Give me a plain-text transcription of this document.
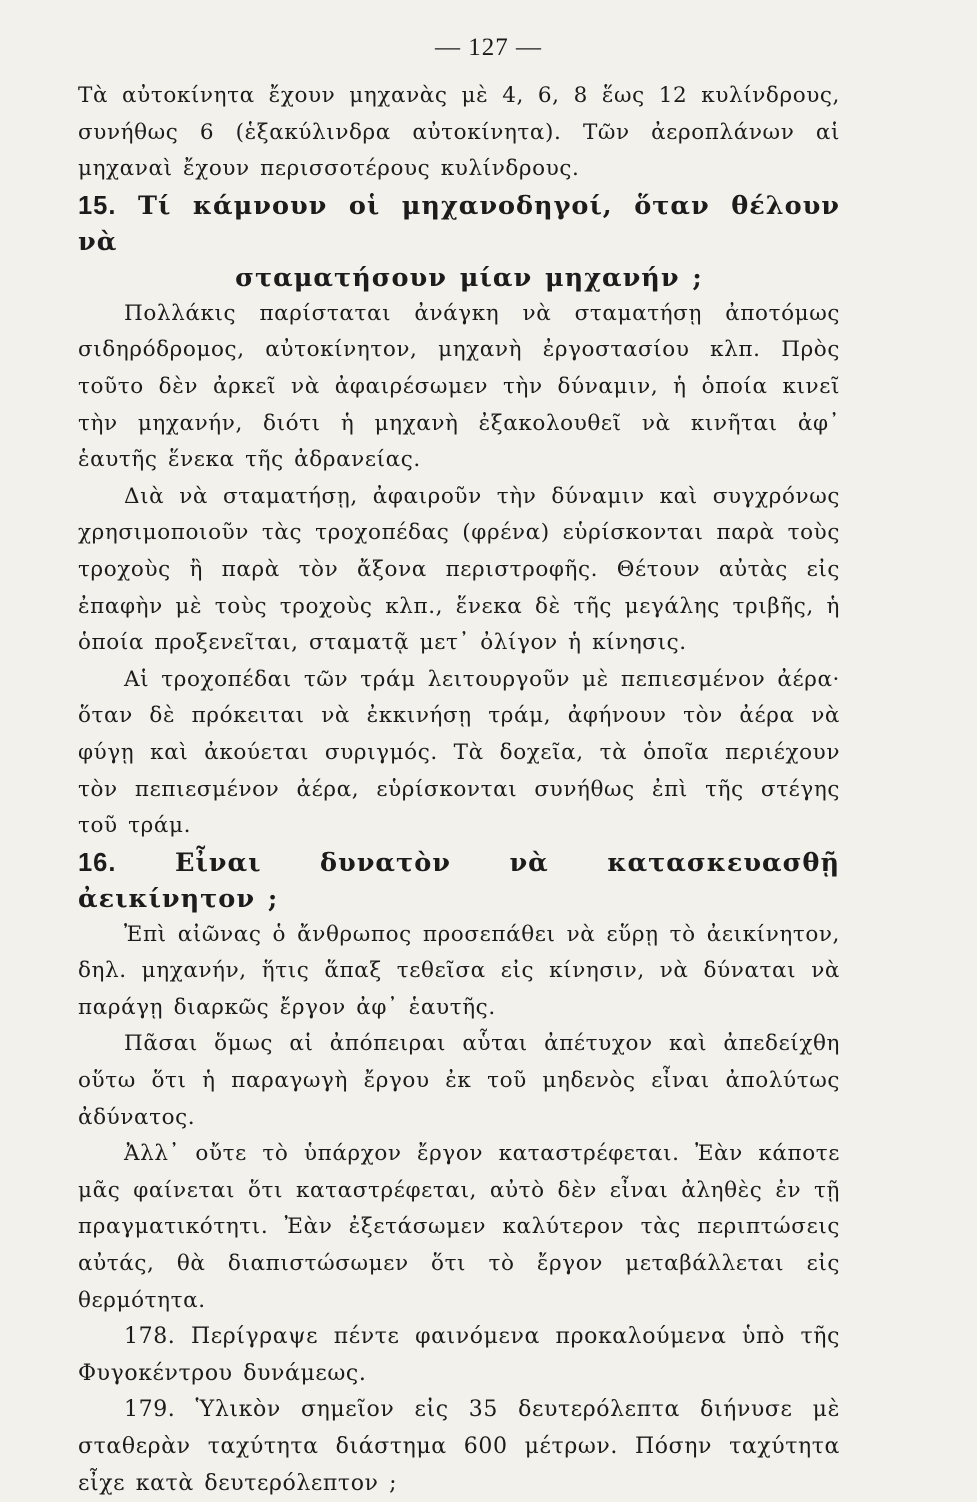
— 127 —

Τὰ αὐτοκίνητα ἔχουν μηχανὰς μὲ 4, 6, 8 ἕως 12 κυλίνδρους, συνήθως 6 (ἑξακύλινδρα αὐτοκίνητα). Τῶν ἀεροπλάνων αἱ μηχαναὶ ἔχουν περισσοτέρους κυλίνδρους.

15. Τί κάμνουν οἱ μηχανοδηγοί, ὅταν θέλουν νὰ
σταματήσουν μίαν μηχανήν ;

Πολλάκις παρίσταται ἀνάγκη νὰ σταματήσῃ ἀποτόμως σιδηρόδρομος, αὐτοκίνητον, μηχανὴ ἐργοστασίου κλπ. Πρὸς τοῦτο δὲν ἀρκεῖ νὰ ἀφαιρέσωμεν τὴν δύναμιν, ἡ ὁποία κινεῖ τὴν μηχανήν, διότι ἡ μηχανὴ ἐξακολουθεῖ νὰ κινῆται ἀφ᾽ ἑαυτῆς ἕνεκα τῆς ἀδρανείας.

Διὰ νὰ σταματήσῃ, ἀφαιροῦν τὴν δύναμιν καὶ συγχρόνως χρησιμοποιοῦν τὰς τροχοπέδας (φρένα) εὑρίσκονται παρὰ τοὺς τροχοὺς ἢ παρὰ τὸν ἄξονα περιστροφῆς. Θέτουν αὐτὰς εἰς ἐπαφὴν μὲ τοὺς τροχοὺς κλπ., ἕνεκα δὲ τῆς μεγάλης τριβῆς, ἡ ὁποία προξενεῖται, σταματᾷ μετ᾽ ὀλίγον ἡ κίνησις.

Αἱ τροχοπέδαι τῶν τράμ λειτουργοῦν μὲ πεπιεσμένον ἀέρα· ὅταν δὲ πρόκειται νὰ ἐκκινήσῃ τράμ, ἀφήνουν τὸν ἀέρα νὰ φύγῃ καὶ ἀκούεται συριγμός. Τὰ δοχεῖα, τὰ ὁποῖα περιέχουν τὸν πεπιεσμένον ἀέρα, εὑρίσκονται συνήθως ἐπὶ τῆς στέγης τοῦ τράμ.

16. Εἶναι δυνατὸν νὰ κατασκευασθῇ ἀεικίνητον ;

Ἐπὶ αἰῶνας ὁ ἄνθρωπος προσεπάθει νὰ εὕρῃ τὸ ἀεικίνητον, δηλ. μηχανήν, ἥτις ἅπαξ τεθεῖσα εἰς κίνησιν, νὰ δύναται νὰ παράγῃ διαρκῶς ἔργον ἀφ᾽ ἑαυτῆς.

Πᾶσαι ὅμως αἱ ἀπόπειραι αὗται ἀπέτυχον καὶ ἀπεδείχθη οὕτω ὅτι ἡ παραγωγὴ ἔργου ἐκ τοῦ μηδενὸς εἶναι ἀπολύτως ἀδύνατος.

Ἀλλ᾽ οὔτε τὸ ὑπάρχον ἔργον καταστρέφεται. Ἐὰν κάποτε μᾶς φαίνεται ὅτι καταστρέφεται, αὐτὸ δὲν εἶναι ἀληθὲς ἐν τῇ πραγματικότητι. Ἐὰν ἐξετάσωμεν καλύτερον τὰς περιπτώσεις αὐτάς, θὰ διαπιστώσωμεν ὅτι τὸ ἔργον μεταβάλλεται εἰς θερμότητα.

178. Περίγραψε πέντε φαινόμενα προκαλούμενα ὑπὸ τῆς Φυγοκέντρου δυνάμεως.

179. Ὑλικὸν σημεῖον εἰς 35 δευτερόλεπτα διήνυσε μὲ σταθερὰν ταχύτητα διάστημα 600 μέτρων. Πόσην ταχύτητα εἶχε κατὰ δευτερόλεπτον ;
